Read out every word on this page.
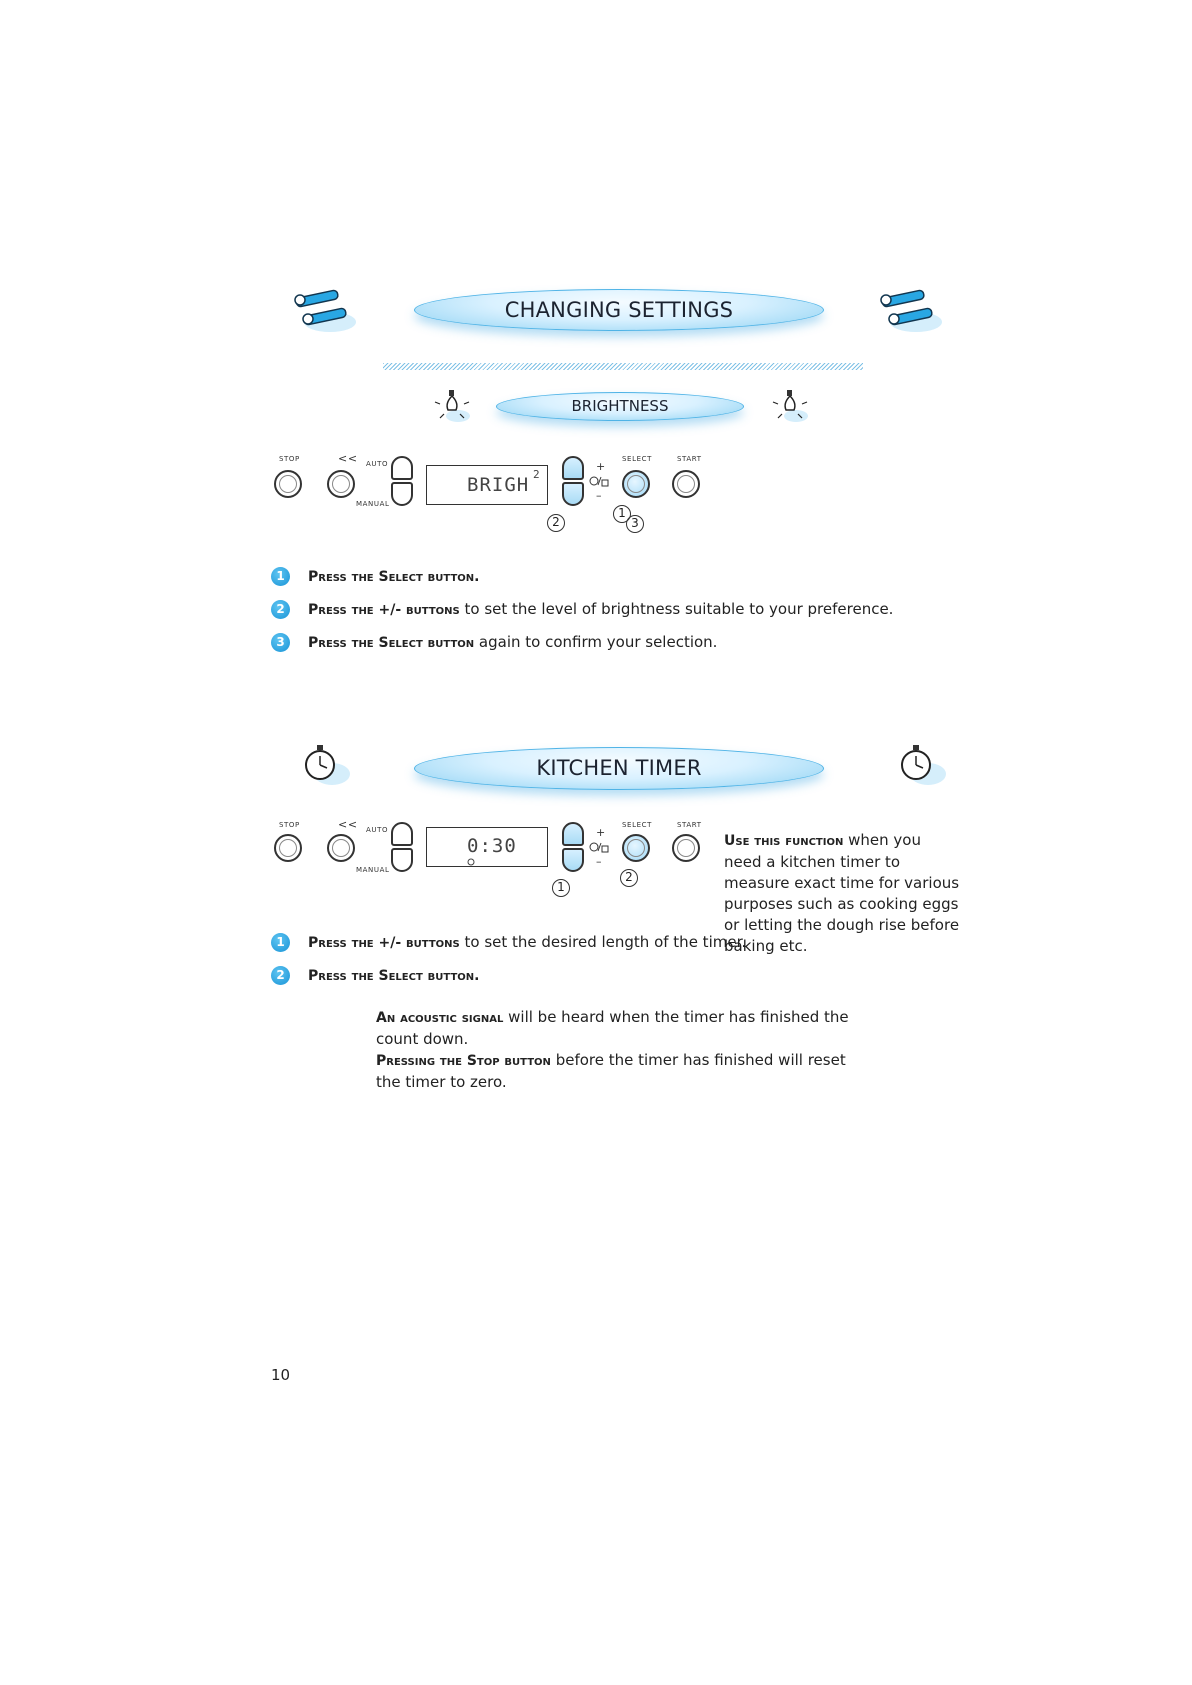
CHANGING SETTINGS
BRIGHTNESS
STOP	<< AUTO
MANUAL
BRIGH 2
+
–
SELECT	START
2
1
3
1	Press the Select button.
2	Press the +/- buttons to set the level of brightness suitable to your preference.
3	Press the Select button again to confirm your selection.
KITCHEN TIMER
STOP	<< AUTO
MANUAL
0:30
+
–
SELECT	START
1
2
Use this function when you need a kitchen timer to measure exact time for various purposes such as cooking eggs or letting the dough rise before baking etc.
1	Press the +/- buttons to set the desired length of the timer.
2	Press the Select button.
An acoustic signal will be heard when the timer has finished the count down.
Pressing the Stop button before the timer has finished will reset the timer to zero.
10
